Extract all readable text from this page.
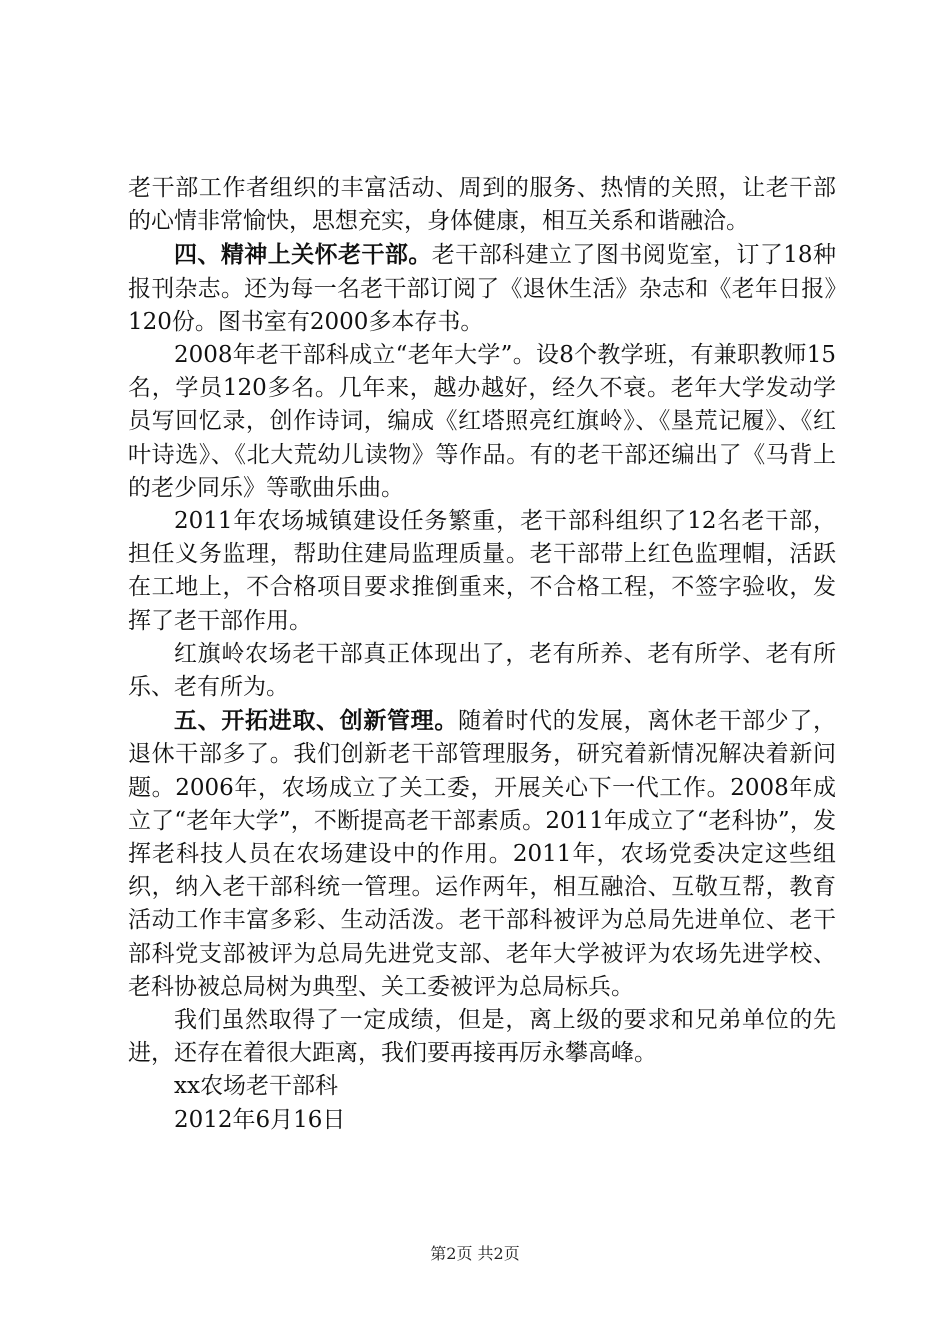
老干部工作者组织的丰富活动、周到的服务、热情的关照，让老干部的心情非常愉快，思想充实，身体健康，相互关系和谐融洽。

四、精神上关怀老干部。老干部科建立了图书阅览室，订了18种报刊杂志。还为每一名老干部订阅了《退休生活》杂志和《老年日报》120份。图书室有2000多本存书。

2008年老干部科成立“老年大学”。设8个教学班，有兼职教师15名，学员120多名。几年来，越办越好，经久不衰。老年大学发动学员写回忆录，创作诗词，编成《红塔照亮红旗岭》、《垦荒记履》、《红叶诗选》、《北大荒幼儿读物》等作品。有的老干部还编出了《马背上的老少同乐》等歌曲乐曲。

2011年农场城镇建设任务繁重，老干部科组织了12名老干部，担任义务监理，帮助住建局监理质量。老干部带上红色监理帽，活跃在工地上，不合格项目要求推倒重来，不合格工程，不签字验收，发挥了老干部作用。

红旗岭农场老干部真正体现出了，老有所养、老有所学、老有所乐、老有所为。

五、开拓进取、创新管理。随着时代的发展，离休老干部少了，退休干部多了。我们创新老干部管理服务，研究着新情况解决着新问题。2006年，农场成立了关工委，开展关心下一代工作。2008年成立了“老年大学”，不断提高老干部素质。2011年成立了“老科协”，发挥老科技人员在农场建设中的作用。2011年，农场党委决定这些组织，纳入老干部科统一管理。运作两年，相互融洽、互敬互帮，教育活动工作丰富多彩、生动活泼。老干部科被评为总局先进单位、老干部科党支部被评为总局先进党支部、老年大学被评为农场先进学校、老科协被总局树为典型、关工委被评为总局标兵。

我们虽然取得了一定成绩，但是，离上级的要求和兄弟单位的先进，还存在着很大距离，我们要再接再厉永攀高峰。

xx农场老干部科

2012年6月16日

第2页 共2页
